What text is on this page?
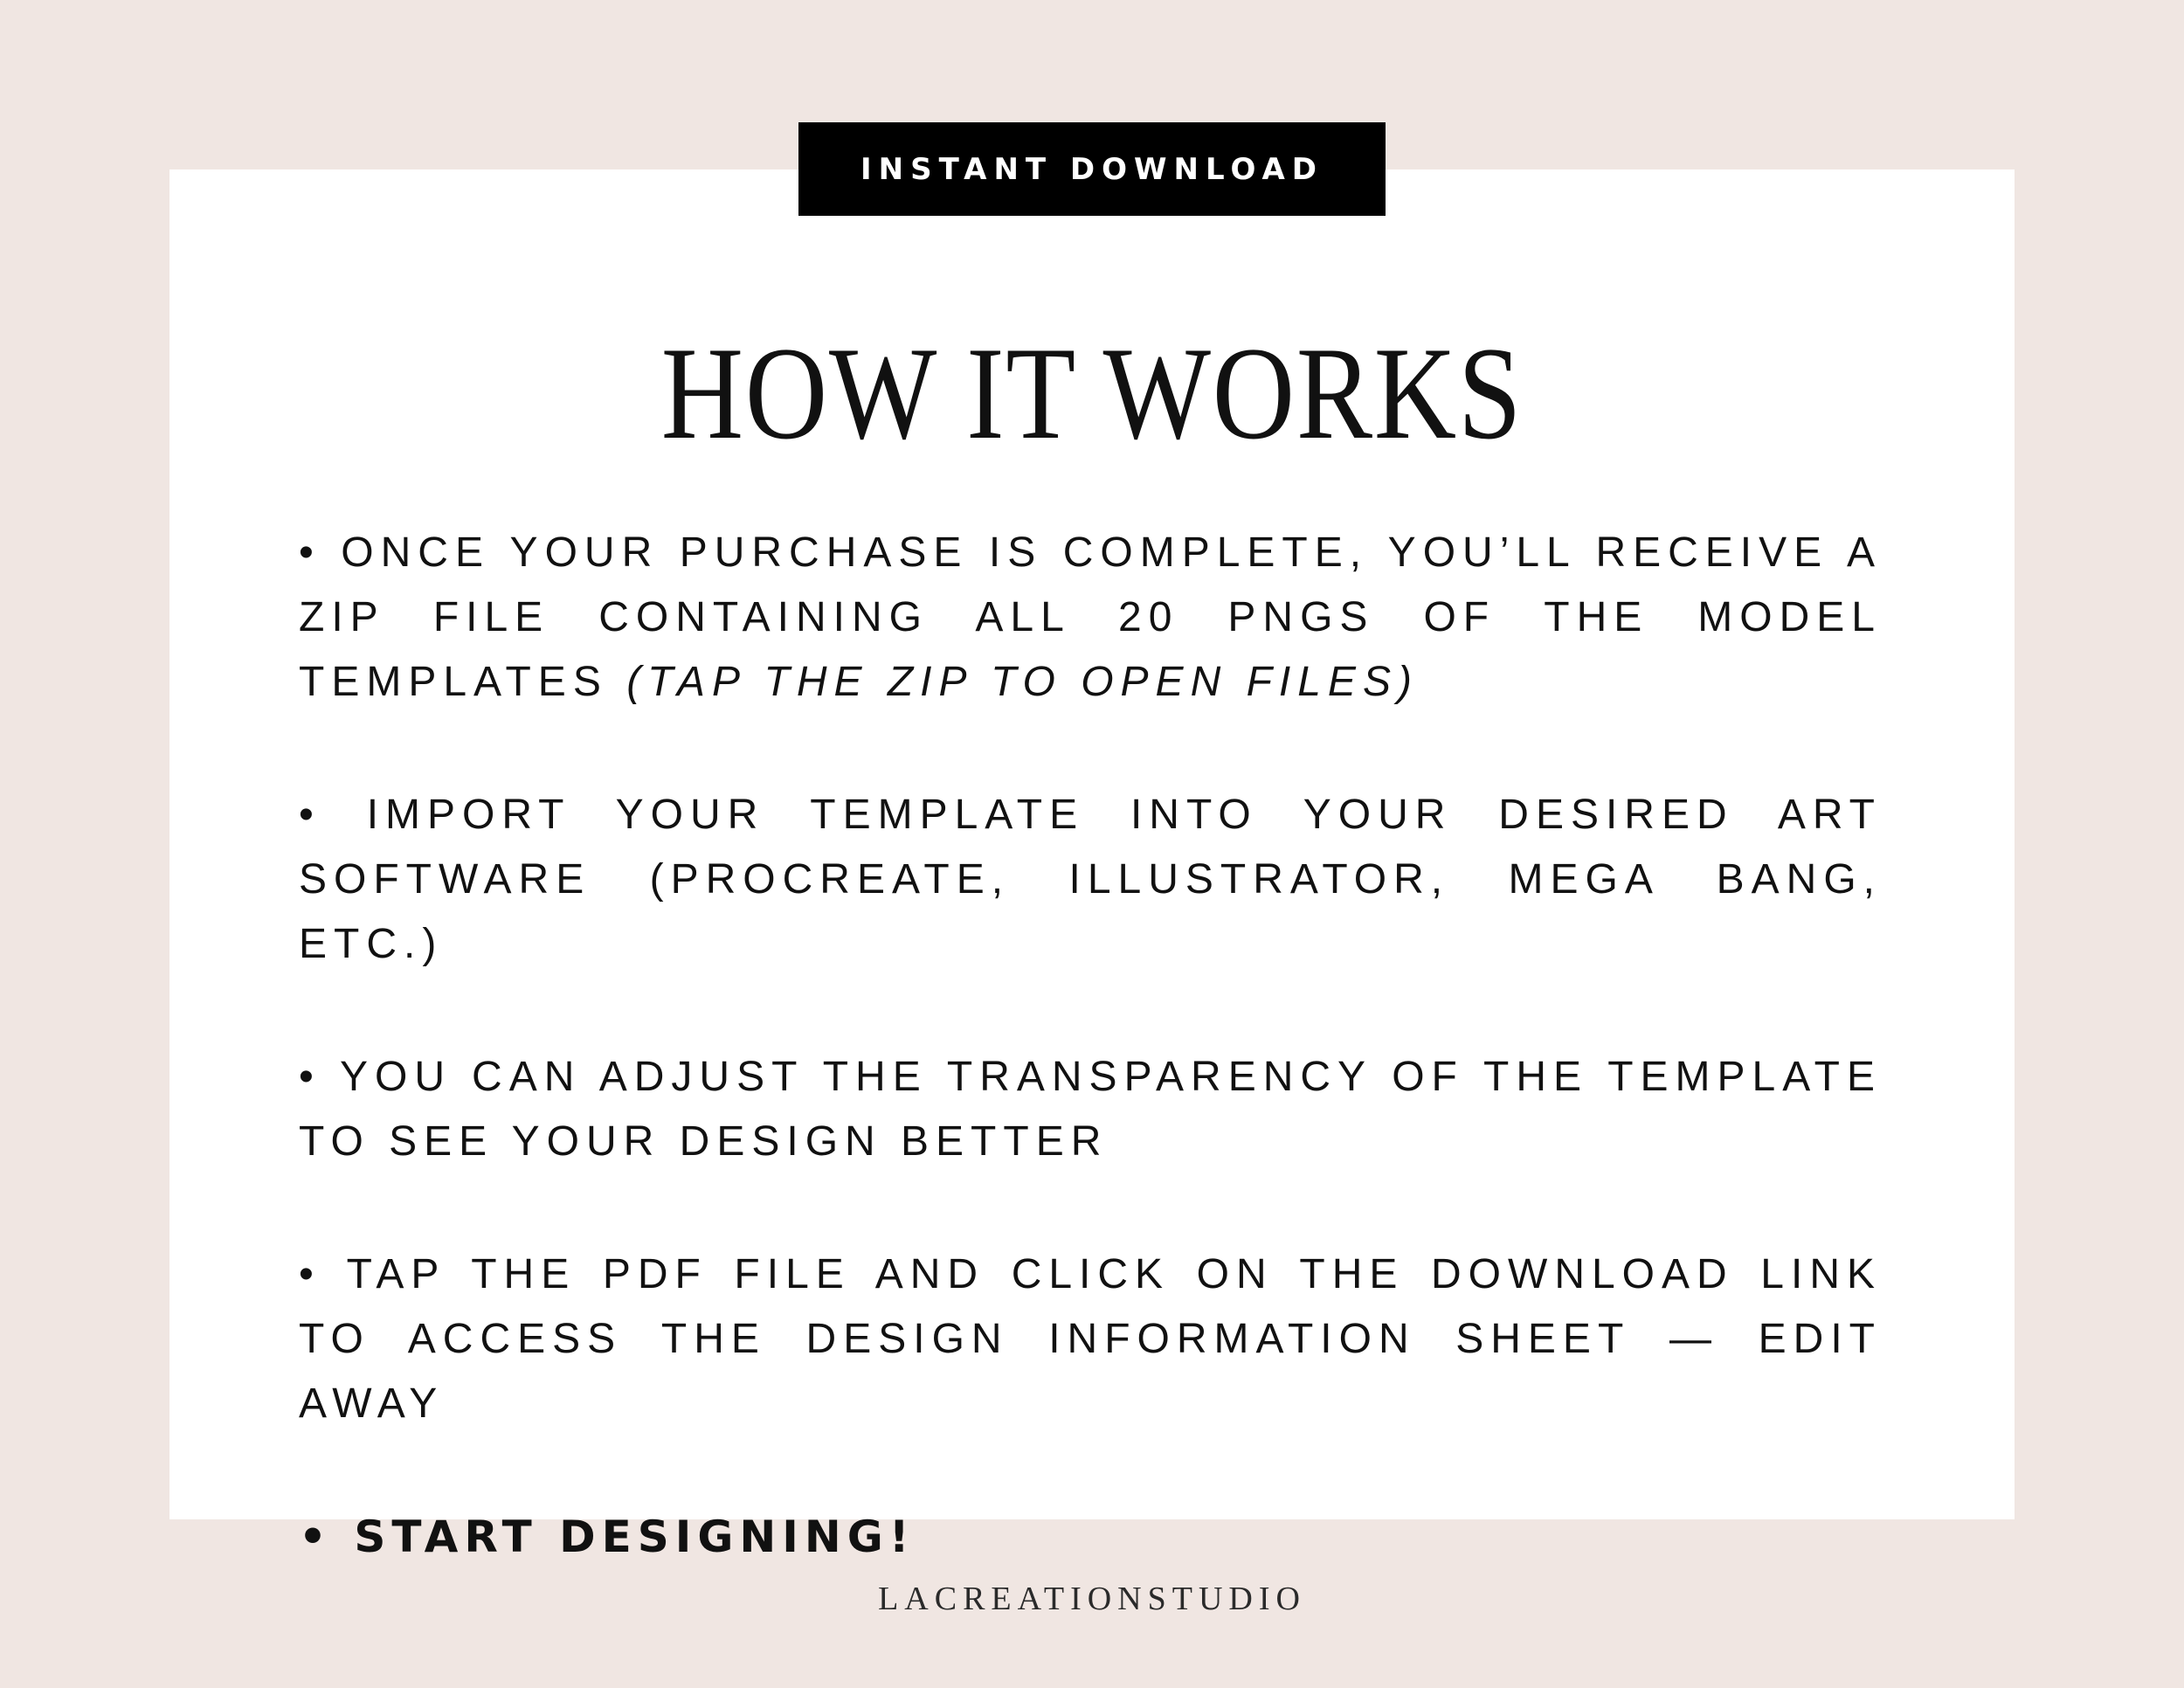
INSTANT DOWNLOAD
HOW IT WORKS

• ONCE YOUR PURCHASE IS COMPLETE, YOU’LL RECEIVE A ZIP FILE CONTAINING ALL 20 PNGS OF THE MODEL TEMPLATES (TAP THE ZIP TO OPEN FILES)

• IMPORT YOUR TEMPLATE INTO YOUR DESIRED ART SOFTWARE (PROCREATE, ILLUSTRATOR, MEGA BANG, ETC.)

• YOU CAN ADJUST THE TRANSPARENCY OF THE TEMPLATE TO SEE YOUR DESIGN BETTER

• TAP THE PDF FILE AND CLICK ON THE DOWNLOAD LINK TO ACCESS THE DESIGN INFORMATION SHEET — EDIT AWAY

• START DESIGNING!

LACREATIONSTUDIO
